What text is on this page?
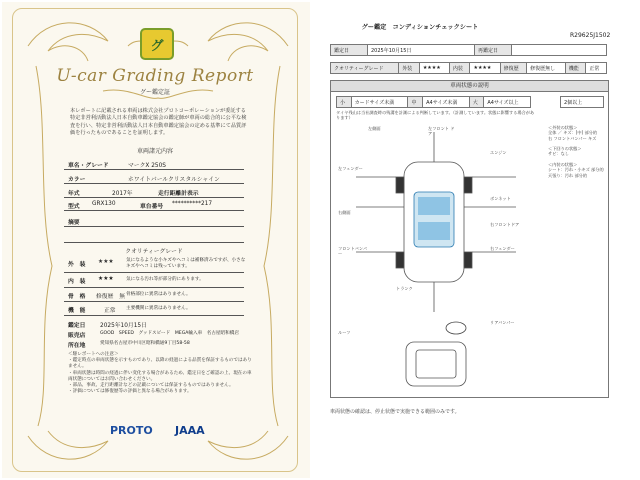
グ
U-car Grading Report
グー鑑定証
本レポートに記載される車両は株式会社プロトコーポレーションが委託する特定非営利活動法人日本自動車鑑定協会の鑑定師が車両の総合的に公平な検査を行い、特定非営利活動法人日本自動車鑑定協会の定める基準にて品質評価を行ったものであることを証明します。
車両諸元内容
車名・グレード	マークX 250S
カラー	ホワイトパールクリスタルシャイン
年式	2017年	走行距離計表示
型式 GRX130	車台番号 **********217
摘要
クオリティーグレード
外　装 ★★★	気になるような小キズやヘコミは補修済みですが、小さなキズやヘコミは残っています。
内　装 ★★★	気になる汚れ等が部分的にあります。
骨　格 修復歴　無 骨格部位に異常はありません。
機　能	正常 主要機関に異常はありません。
鑑定日	2025年10月15日
販売店	GOOD　SPEED　グッドスピード　MEGA輸入車　名古屋昭和橋店
所在地	愛知県名古屋市中川区昭和橋通9丁目58-58
＜駆レポートへの注意＞
・鑑定時点の車両状態を示すものであり、以降の経過による品質を保証するものではありません。
・車両状態は時間の経過に伴い変化する場合があるため、鑑定日をご確認の上、現在の車両状態についてはお問い合わせください。
・部品、事故、走行距離計などの記載については保証するものではありません。
・評価については修復歴等の評価と異なる場合があります。
PROTO JAAA
グー鑑定　コンディションチェックシート
R29625J1502
鑑定日	2025年10月15日	再鑑定日	
クオリティーグレード	外装	★★★★	内装	★★★★	修復歴	修復歴無し	機能	正常
車両状態の説明
小	カードサイズ未満	中	A4サイズ未満	大	A4サイズ以上	2個以上
タイヤ残山は当社調査時の残溝を計測による判断しています。（計測しています。状態に影響する場合があります）
左側面	左フロント ドア
左フェンダー
エンジン
ボンネット
フロントバンパー
右フェンダー
右フロントドア
右側面
トランク
リアバンパー
ルーフ
＜外装の状態＞
全体 ／ キズ：[中] 部分的
右 フロントバンパー キズ

＜下回りの状態＞
サビ：なし

＜内装の状態＞
シート：汚れ・小キズ 部分的
天張り：汚れ 部分的
車両状態の確認は、停止状態で実施できる範囲のみです。
